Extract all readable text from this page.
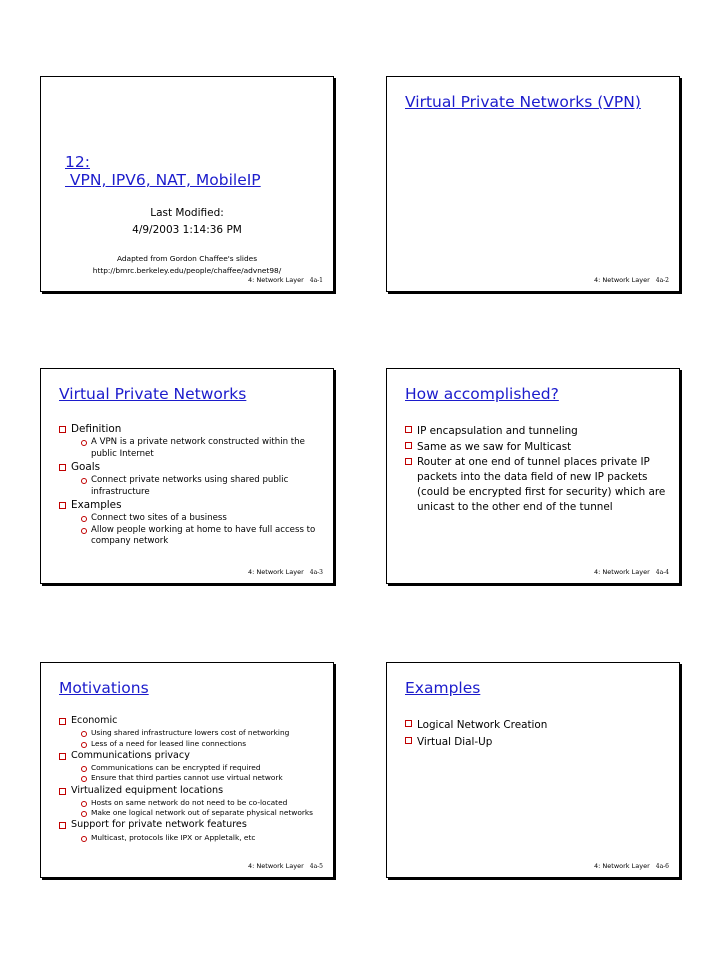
12:
VPN, IPV6, NAT, MobileIP
Last Modified:
4/9/2003 1:14:36 PM
Adapted from Gordon Chaffee's slides
http://bmrc.berkeley.edu/people/chaffee/advnet98/
4: Network Layer 4a-1
Virtual Private Networks (VPN)
4: Network Layer 4a-2
Virtual Private Networks
Definition
A VPN is a private network constructed within the public Internet
Goals
Connect private networks using shared public infrastructure
Examples
Connect two sites of a business
Allow people working at home to have full access to company network
4: Network Layer 4a-3
How accomplished?
IP encapsulation and tunneling
Same as we saw for Multicast
Router at one end of tunnel places private IP packets into the data field of new IP packets (could be encrypted first for security) which are unicast to the other end of the tunnel
4: Network Layer 4a-4
Motivations
Economic
Using shared infrastructure lowers cost of networking
Less of a need for leased line connections
Communications privacy
Communications can be encrypted if required
Ensure that third parties cannot use virtual network
Virtualized equipment locations
Hosts on same network do not need to be co-located
Make one logical network out of separate physical networks
Support for private network features
Multicast, protocols like IPX or Appletalk, etc
4: Network Layer 4a-5
Examples
Logical Network Creation
Virtual Dial-Up
4: Network Layer 4a-6
